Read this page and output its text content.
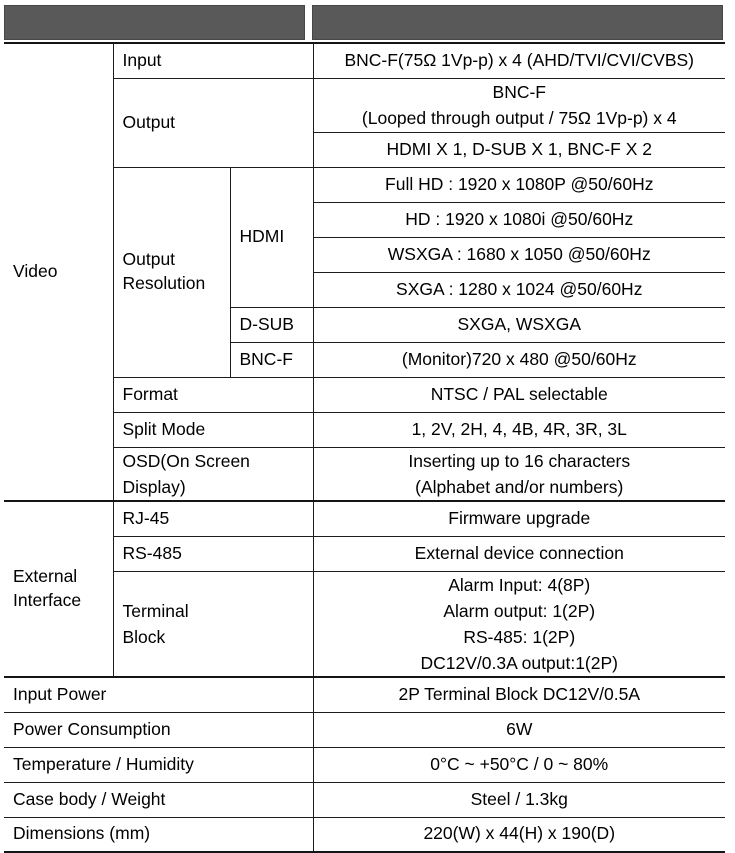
Video	Input		BNC-F(75Ω 1Vp-p) x 4 (AHD/TVI/CVI/CVBS)
	Output		BNC-F
(Looped through output / 75Ω 1Vp-p) x 4

			HDMI X 1, D-SUB X 1, BNC-F X 2
	Output Resolution	HDMI	Full HD : 1920 x 1080P @50/60Hz
			HD : 1920 x 1080i @50/60Hz
			WSXGA : 1680 x 1050 @50/60Hz
			SXGA : 1280 x 1024 @50/60Hz
		D-SUB	SXGA, WSXGA
		BNC-F	(Monitor)720 x 480 @50/60Hz
	Format		NTSC / PAL selectable
	Split Mode		1, 2V, 2H, 4, 4B, 4R, 3R, 3L

	OSD(On Screen Display)		Inserting up to 16 characters
(Alphabet and/or numbers)

External Interface	RJ-45		Firmware upgrade
	RS-485		External device connection

	Terminal Block		Alarm Input: 4(8P)
Alarm output: 1(2P)
RS-485: 1(2P)
DC12V/0.3A output:1(2P)

Input Power			2P Terminal Block DC12V/0.5A
Power Consumption			6W
Temperature / Humidity			0°C ~ +50°C / 0 ~ 80%
Case body / Weight			Steel / 1.3kg
Dimensions (mm)			220(W) x 44(H) x 190(D)
